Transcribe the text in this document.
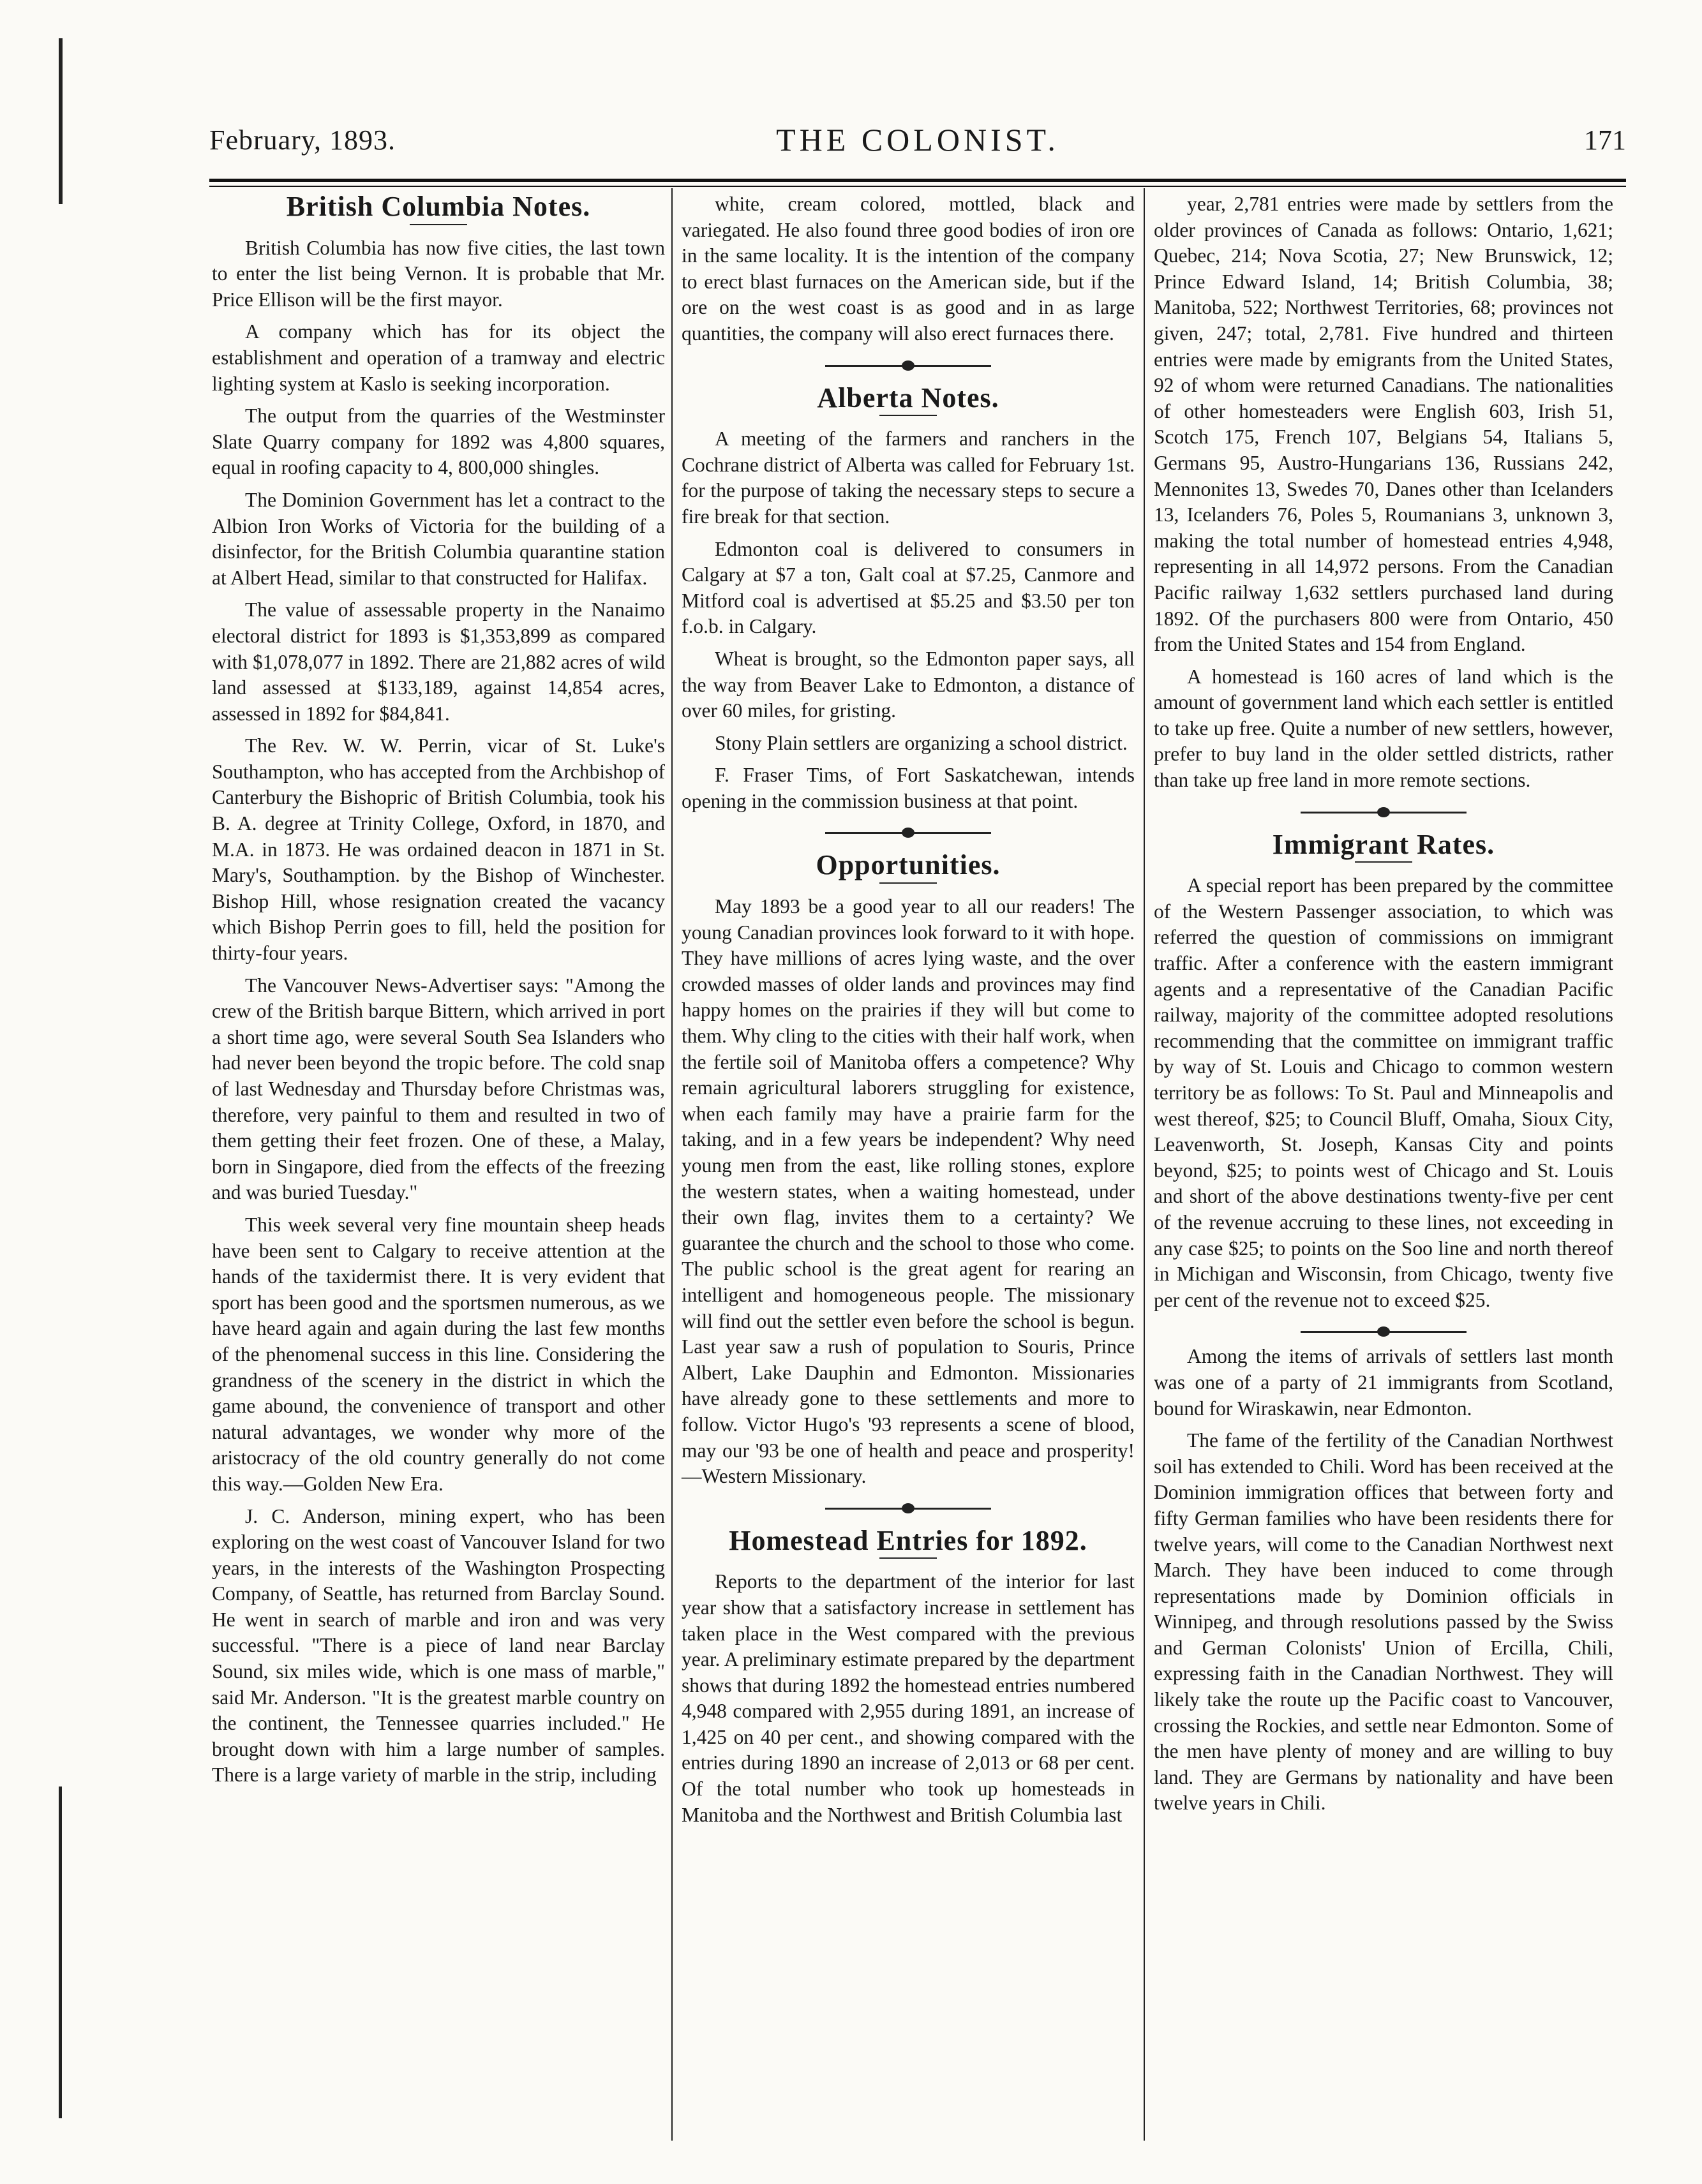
February, 1893.	THE COLONIST.	171
British Columbia Notes.

British Columbia has now five cities, the last town to enter the list being Vernon. It is probable that Mr. Price Ellison will be the first mayor.

A company which has for its object the establishment and operation of a tramway and electric lighting system at Kaslo is seeking incorporation.

The output from the quarries of the Westminster Slate Quarry company for 1892 was 4,800 squares, equal in roofing capacity to 4, 800,000 shingles.

The Dominion Government has let a contract to the Albion Iron Works of Victoria for the building of a disinfector, for the British Columbia quarantine station at Albert Head, similar to that constructed for Halifax.

The value of assessable property in the Nanaimo electoral district for 1893 is $1,353,899 as compared with $1,078,077 in 1892. There are 21,882 acres of wild land assessed at $133,189, against 14,854 acres, assessed in 1892 for $84,841.

The Rev. W. W. Perrin, vicar of St. Luke's Southampton, who has accepted from the Archbishop of Canterbury the Bishopric of British Columbia, took his B. A. degree at Trinity College, Oxford, in 1870, and M.A. in 1873. He was ordained deacon in 1871 in St. Mary's, Southamption. by the Bishop of Winchester. Bishop Hill, whose resignation created the vacancy which Bishop Perrin goes to fill, held the position for thirty-four years.

The Vancouver News-Advertiser says: "Among the crew of the British barque Bittern, which arrived in port a short time ago, were several South Sea Islanders who had never been beyond the tropic before. The cold snap of last Wednesday and Thursday before Christmas was, therefore, very painful to them and resulted in two of them getting their feet frozen. One of these, a Malay, born in Singapore, died from the effects of the freezing and was buried Tuesday."

This week several very fine mountain sheep heads have been sent to Calgary to receive attention at the hands of the taxidermist there. It is very evident that sport has been good and the sportsmen numerous, as we have heard again and again during the last few months of the phenomenal success in this line. Considering the grandness of the scenery in the district in which the game abound, the convenience of transport and other natural advantages, we wonder why more of the aristocracy of the old country generally do not come this way.—Golden New Era.

J. C. Anderson, mining expert, who has been exploring on the west coast of Vancouver Island for two years, in the interests of the Washington Prospecting Company, of Seattle, has returned from Barclay Sound. He went in search of marble and iron and was very successful. "There is a piece of land near Barclay Sound, six miles wide, which is one mass of marble," said Mr. Anderson. "It is the greatest marble country on the continent, the Tennessee quarries included." He brought down with him a large number of samples. There is a large variety of marble in the strip, including

white, cream colored, mottled, black and variegated. He also found three good bodies of iron ore in the same locality. It is the intention of the company to erect blast furnaces on the American side, but if the ore on the west coast is as good and in as large quantities, the company will also erect furnaces there.

Alberta Notes.

A meeting of the farmers and ranchers in the Cochrane district of Alberta was called for February 1st. for the purpose of taking the necessary steps to secure a fire break for that section.

Edmonton coal is delivered to consumers in Calgary at $7 a ton, Galt coal at $7.25, Canmore and Mitford coal is advertised at $5.25 and $3.50 per ton f.o.b. in Calgary.

Wheat is brought, so the Edmonton paper says, all the way from Beaver Lake to Edmonton, a distance of over 60 miles, for gristing.

Stony Plain settlers are organizing a school district.

F. Fraser Tims, of Fort Saskatchewan, intends opening in the commission business at that point.

Opportunities.

May 1893 be a good year to all our readers! The young Canadian provinces look forward to it with hope. They have millions of acres lying waste, and the over crowded masses of older lands and provinces may find happy homes on the prairies if they will but come to them. Why cling to the cities with their half work, when the fertile soil of Manitoba offers a competence? Why remain agricultural laborers struggling for existence, when each family may have a prairie farm for the taking, and in a few years be independent? Why need young men from the east, like rolling stones, explore the western states, when a waiting homestead, under their own flag, invites them to a certainty? We guarantee the church and the school to those who come. The public school is the great agent for rearing an intelligent and homogeneous people. The missionary will find out the settler even before the school is begun. Last year saw a rush of population to Souris, Prince Albert, Lake Dauphin and Edmonton. Missionaries have already gone to these settlements and more to follow. Victor Hugo's '93 represents a scene of blood, may our '93 be one of health and peace and prosperity!—Western Missionary.

Homestead Entries for 1892.

Reports to the department of the interior for last year show that a satisfactory increase in settlement has taken place in the West compared with the previous year. A preliminary estimate prepared by the department shows that during 1892 the homestead entries numbered 4,948 compared with 2,955 during 1891, an increase of 1,425 on 40 per cent., and showing compared with the entries during 1890 an increase of 2,013 or 68 per cent. Of the total number who took up homesteads in Manitoba and the Northwest and British Columbia last

year, 2,781 entries were made by settlers from the older provinces of Canada as follows: Ontario, 1,621; Quebec, 214; Nova Scotia, 27; New Brunswick, 12; Prince Edward Island, 14; British Columbia, 38; Manitoba, 522; Northwest Territories, 68; provinces not given, 247; total, 2,781. Five hundred and thirteen entries were made by emigrants from the United States, 92 of whom were returned Canadians. The nationalities of other homesteaders were English 603, Irish 51, Scotch 175, French 107, Belgians 54, Italians 5, Germans 95, Austro-Hungarians 136, Russians 242, Mennonites 13, Swedes 70, Danes other than Icelanders 13, Icelanders 76, Poles 5, Roumanians 3, unknown 3, making the total number of homestead entries 4,948, representing in all 14,972 persons. From the Canadian Pacific railway 1,632 settlers purchased land during 1892. Of the purchasers 800 were from Ontario, 450 from the United States and 154 from England.

A homestead is 160 acres of land which is the amount of government land which each settler is entitled to take up free. Quite a number of new settlers, however, prefer to buy land in the older settled districts, rather than take up free land in more remote sections.

Immigrant Rates.

A special report has been prepared by the committee of the Western Passenger association, to which was referred the question of commissions on immigrant traffic. After a conference with the eastern immigrant agents and a representative of the Canadian Pacific railway, majority of the committee adopted resolutions recommending that the committee on immigrant traffic by way of St. Louis and Chicago to common western territory be as follows: To St. Paul and Minneapolis and west thereof, $25; to Council Bluff, Omaha, Sioux City, Leavenworth, St. Joseph, Kansas City and points beyond, $25; to points west of Chicago and St. Louis and short of the above destinations twenty-five per cent of the revenue accruing to these lines, not exceeding in any case $25; to points on the Soo line and north thereof in Michigan and Wisconsin, from Chicago, twenty five per cent of the revenue not to exceed $25.

Among the items of arrivals of settlers last month was one of a party of 21 immigrants from Scotland, bound for Wiraskawin, near Edmonton.

The fame of the fertility of the Canadian Northwest soil has extended to Chili. Word has been received at the Dominion immigration offices that between forty and fifty German families who have been residents there for twelve years, will come to the Canadian Northwest next March. They have been induced to come through representations made by Dominion officials in Winnipeg, and through resolutions passed by the Swiss and German Colonists' Union of Ercilla, Chili, expressing faith in the Canadian Northwest. They will likely take the route up the Pacific coast to Vancouver, crossing the Rockies, and settle near Edmonton. Some of the men have plenty of money and are willing to buy land. They are Germans by nationality and have been twelve years in Chili.
